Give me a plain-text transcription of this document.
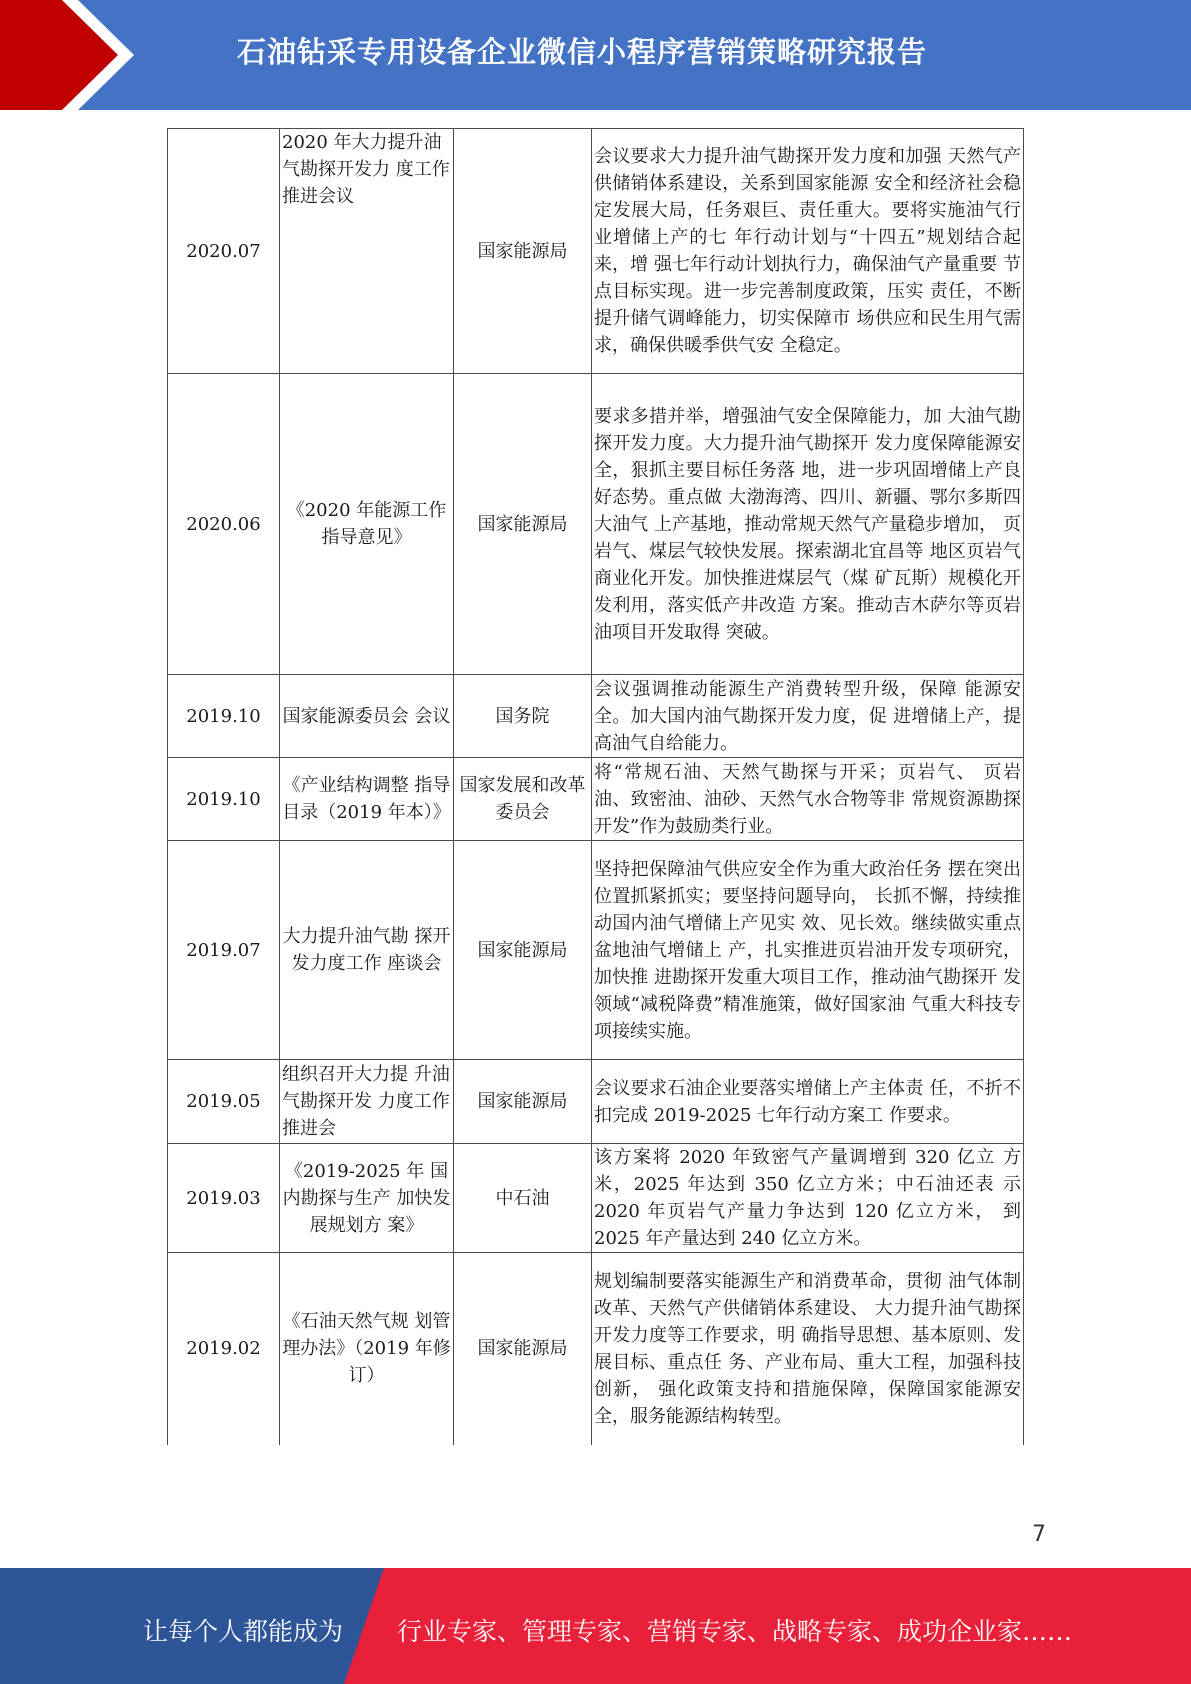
石油钻采专用设备企业微信小程序营销策略研究报告
2020.07	2020 年大力提升油气勘探开发力 度工作推进会议	国家能源局	会议要求大力提升油气勘探开发力度和加强 天然气产供储销体系建设，关系到国家能源 安全和经济社会稳定发展大局，任务艰巨、责任重大。要将实施油气行业增储上产的七 年行动计划与“十四五”规划结合起来，增 强七年行动计划执行力，确保油气产量重要 节点目标实现。进一步完善制度政策，压实 责任，不断提升储气调峰能力，切实保障市 场供应和民生用气需求，确保供暖季供气安 全稳定。
2020.06	《2020 年能源工作指导意见》	国家能源局	要求多措并举，增强油气安全保障能力，加 大油气勘探开发力度。大力提升油气勘探开 发力度保障能源安全，狠抓主要目标任务落 地，进一步巩固增储上产良好态势。重点做 大渤海湾、四川、新疆、鄂尔多斯四大油气 上产基地，推动常规天然气产量稳步增加， 页岩气、煤层气较快发展。探索湖北宜昌等 地区页岩气商业化开发。加快推进煤层气（煤 矿瓦斯）规模化开发利用，落实低产井改造 方案。推动吉木萨尔等页岩油项目开发取得 突破。
2019.10	国家能源委员会 会议	国务院	会议强调推动能源生产消费转型升级，保障 能源安全。加大国内油气勘探开发力度，促 进增储上产，提高油气自给能力。
2019.10	《产业结构调整 指导目录（2019 年本）》	国家发展和改革委员会	将“常规石油、天然气勘探与开采；页岩气、 页岩油、致密油、油砂、天然气水合物等非 常规资源勘探开发”作为鼓励类行业。
2019.07	大力提升油气勘 探开发力度工作 座谈会	国家能源局	坚持把保障油气供应安全作为重大政治任务 摆在突出位置抓紧抓实；要坚持问题导向， 长抓不懈，持续推动国内油气增储上产见实 效、见长效。继续做实重点盆地油气增储上 产，扎实推进页岩油开发专项研究，加快推 进勘探开发重大项目工作，推动油气勘探开 发领域“减税降费”精准施策，做好国家油 气重大科技专项接续实施。
2019.05	组织召开大力提 升油气勘探开发 力度工作推进会	国家能源局	会议要求石油企业要落实增储上产主体责 任，不折不扣完成 2019-2025 七年行动方案工 作要求。
2019.03	《2019-2025 年 国内勘探与生产 加快发展规划方 案》	中石油	该方案将 2020 年致密气产量调增到 320 亿立 方米，2025 年达到 350 亿立方米；中石油还表 示 2020 年页岩气产量力争达到 120 亿立方米， 到 2025 年产量达到 240 亿立方米。
2019.02	《石油天然气规 划管理办法》（2019 年修订）	国家能源局	规划编制要落实能源生产和消费革命，贯彻 油气体制改革、天然气产供储销体系建设、 大力提升油气勘探开发力度等工作要求，明 确指导思想、基本原则、发展目标、重点任 务、产业布局、重大工程，加强科技创新， 强化政策支持和措施保障，保障国家能源安 全，服务能源结构转型。
7
让每个人都能成为 行业专家、管理专家、营销专家、战略专家、成功企业家……
